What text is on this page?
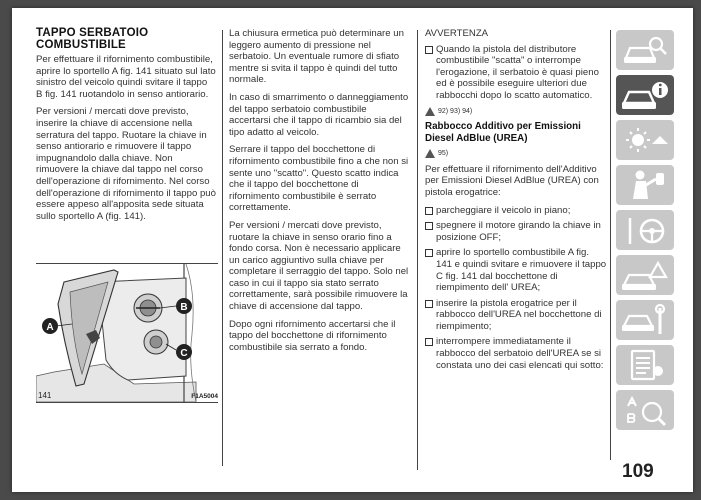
TAPPO SERBATOIO COMBUSTIBILE

Per effettuare il rifornimento combustibile, aprire lo sportello A fig. 141 situato sul lato sinistro del veicolo quindi svitare il tappo B fig. 141 ruotandolo in senso antiorario.

Per versioni / mercati dove previsto, inserire la chiave di accensione nella serratura del tappo. Ruotare la chiave in senso antiorario e rimuovere il tappo impugnandolo dalla chiave. Non rimuovere la chiave dal tappo nel corso dell'operazione di rifornimento. Nel corso dell'operazione di rifornimento il tappo può essere appeso all'apposita sede situata sullo sportello A (fig. 141).

B
C
A
141	F1A5004

La chiusura ermetica può determinare un leggero aumento di pressione nel serbatoio. Un eventuale rumore di sfiato mentre si svita il tappo è quindi del tutto normale.

In caso di smarrimento o danneggiamento del tappo serbatoio combustibile accertarsi che il tappo di ricambio sia del tipo adatto al veicolo.

Serrare il tappo del bocchettone di rifornimento combustibile fino a che non si sente uno "scatto". Questo scatto indica che il tappo del bocchettone di rifornimento combustibile è serrato correttamente.

Per versioni / mercati dove previsto, ruotare la chiave in senso orario fino a fondo corsa. Non è necessario applicare un carico aggiuntivo sulla chiave per completare il serraggio del tappo. Solo nel caso in cui il tappo sia stato serrato correttamente, sarà possibile rimuovere la chiave di accensione dal tappo.

Dopo ogni rifornimento accertarsi che il tappo del bocchettone di rifornimento combustibile sia serrato a fondo.

AVVERTENZA
Quando la pistola del distributore combustibile "scatta" o interrompe l'erogazione, il serbatoio è quasi pieno ed è possibile eseguire ulteriori due rabbocchi dopo lo scatto automatico.
92) 93) 94)
Rabbocco Additivo per Emissioni Diesel AdBlue (UREA)
95)

Per effettuare il rifornimento dell'Additivo per Emissioni Diesel AdBlue (UREA) con pistola erogatrice:

parcheggiare il veicolo in piano;
spegnere il motore girando la chiave in posizione OFF;
aprire lo sportello combustibile A fig. 141 e quindi svitare e rimuovere il tappo C fig. 141 dal bocchettone di riempimento dell' UREA;
inserire la pistola erogatrice per il rabbocco dell'UREA nel bocchettone di riempimento;
interrompere immediatamente il rabbocco del serbatoio dell'UREA se si constata uno dei casi elencati qui sotto:
109
